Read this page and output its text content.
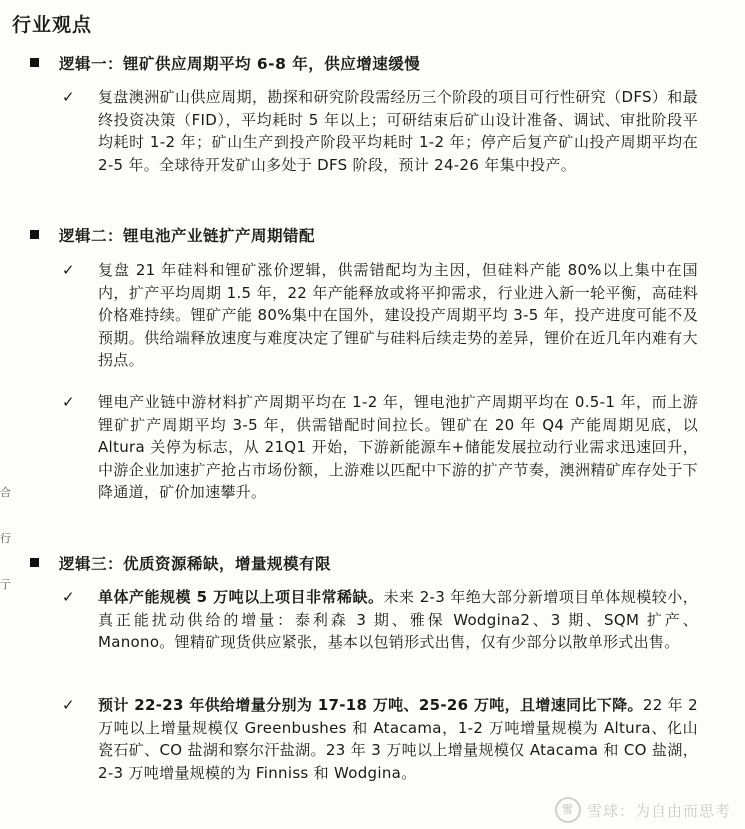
行业观点
逻辑一：锂矿供应周期平均 6-8 年，供应增速缓慢
✓ 复盘澳洲矿山供应周期，勘探和研究阶段需经历三个阶段的项目可行性研究（DFS）和最终投资决策（FID），平均耗时 5 年以上；可研结束后矿山设计准备、调试、审批阶段平均耗时 1-2 年；矿山生产到投产阶段平均耗时 1-2 年；停产后复产矿山投产周期平均在 2-5 年。全球待开发矿山多处于 DFS 阶段，预计 24-26 年集中投产。
逻辑二：锂电池产业链扩产周期错配
✓ 复盘 21 年硅料和锂矿涨价逻辑，供需错配均为主因，但硅料产能 80%以上集中在国内，扩产平均周期 1.5 年，22 年产能释放或将平抑需求，行业进入新一轮平衡，高硅料价格难持续。锂矿产能 80%集中在国外，建设投产周期平均 3-5 年，投产进度可能不及预期。供给端释放速度与难度决定了锂矿与硅料后续走势的差异，锂价在近几年内难有大拐点。
✓ 锂电产业链中游材料扩产周期平均在 1-2 年，锂电池扩产周期平均在 0.5-1 年，而上游锂矿扩产周期平均 3-5 年，供需错配时间拉长。锂矿在 20 年 Q4 产能周期见底，以 Altura 关停为标志，从 21Q1 开始，下游新能源车+储能发展拉动行业需求迅速回升，中游企业加速扩产抢占市场份额，上游难以匹配中下游的扩产节奏，澳洲精矿库存处于下降通道，矿价加速攀升。
逻辑三：优质资源稀缺，增量规模有限
✓ 单体产能规模 5 万吨以上项目非常稀缺。未来 2-3 年绝大部分新增项目单体规模较小，真正能扰动供给的增量：泰利森 3 期、雅保 Wodgina2、3 期、SQM 扩产、Manono。锂精矿现货供应紧张，基本以包销形式出售，仅有少部分以散单形式出售。
✓ 预计 22-23 年供给增量分别为 17-18 万吨、25-26 万吨，且增速同比下降。22 年 2 万吨以上增量规模仅 Greenbushes 和 Atacama，1-2 万吨增量规模为 Altura、化山瓷石矿、CO 盐湖和察尔汗盐湖。23 年 3 万吨以上增量规模仅 Atacama 和 CO 盐湖，2-3 万吨增量规模的为 Finniss 和 Wodgina。
合
行
亍
雪 雪球：为自由而思考
